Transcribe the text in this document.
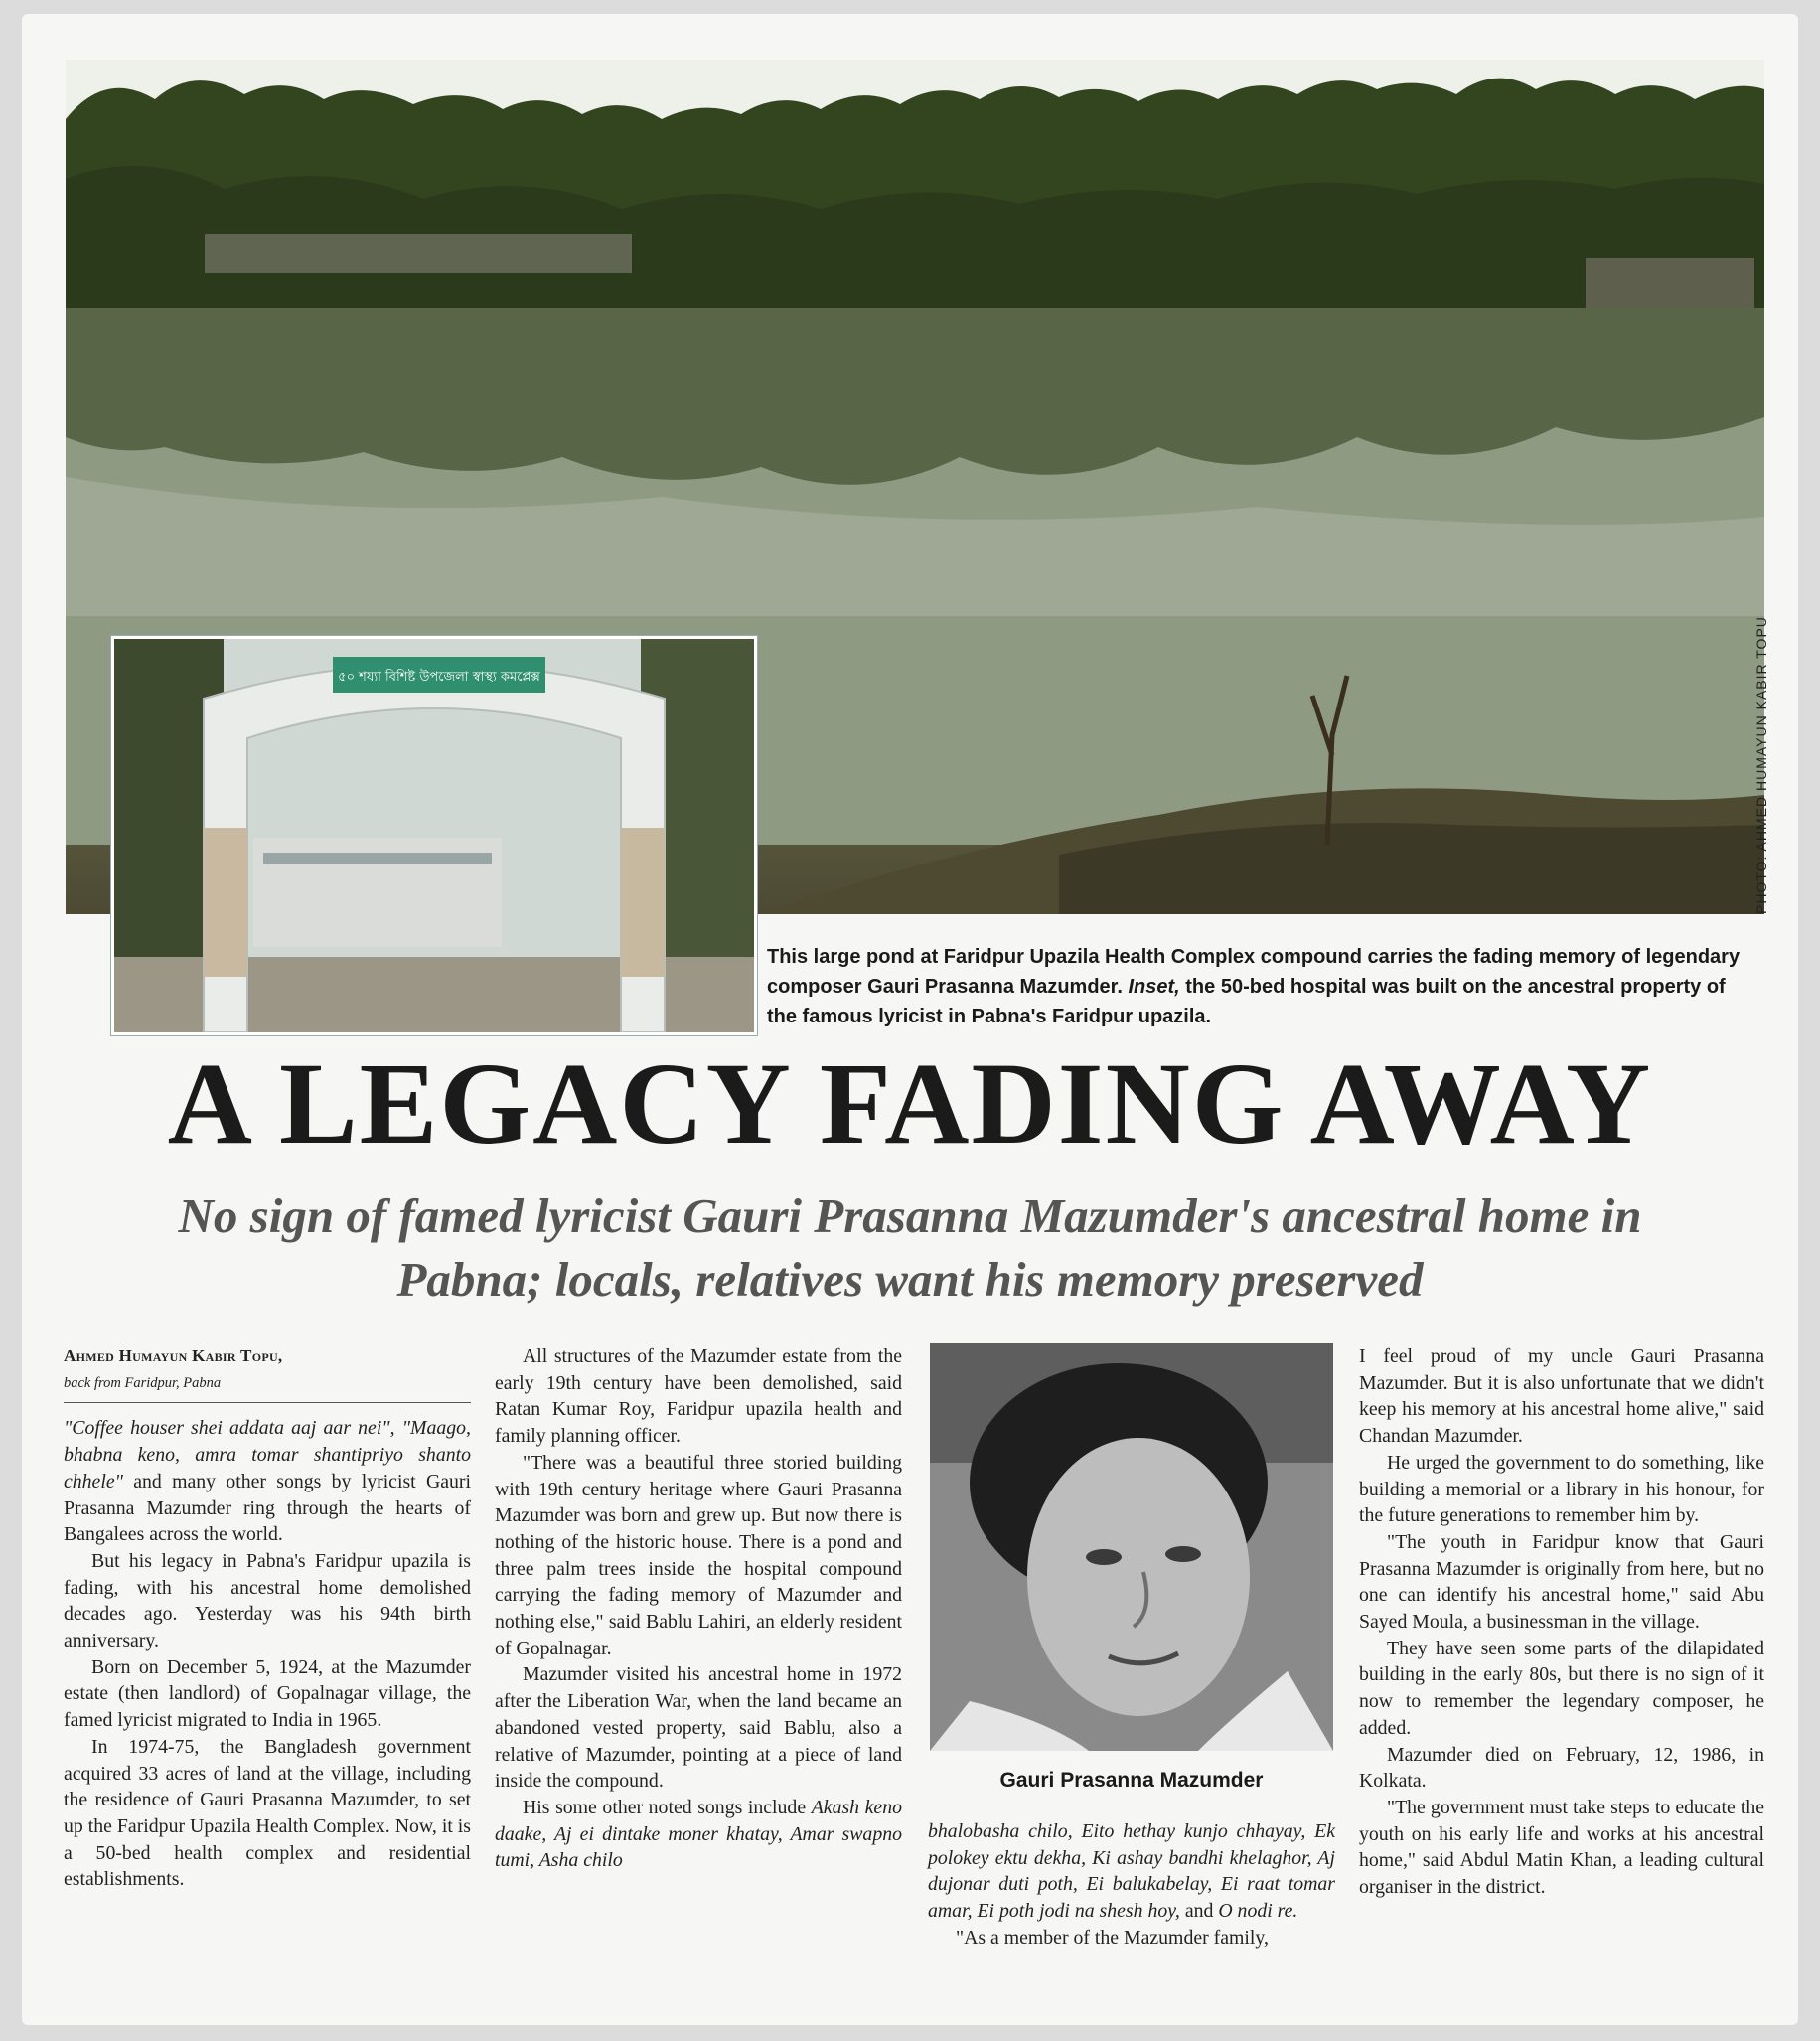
৫০ শয্যা বিশিষ্ট উপজেলা স্বাস্থ্য কমপ্লেক্স	PHOTO: AHMED HUMAYUN KABIR TOPU
This large pond at Faridpur Upazila Health Complex compound carries the fading memory of legendary composer Gauri Prasanna Mazumder. Inset, the 50-bed hospital was built on the ancestral property of the famous lyricist in Pabna's Faridpur upazila.
A LEGACY FADING AWAY
No sign of famed lyricist Gauri Prasanna Mazumder's ancestral home in Pabna; locals, relatives want his memory preserved
Ahmed Humayun Kabir Topu,
back from Faridpur, Pabna

"Coffee houser shei addata aaj aar nei", "Maago, bhabna keno, amra tomar shantipriyo shanto chhele" and many other songs by lyricist Gauri Prasanna Mazumder ring through the hearts of Bangalees across the world.

But his legacy in Pabna's Faridpur upazila is fading, with his ancestral home demolished decades ago. Yesterday was his 94th birth anniversary.

Born on December 5, 1924, at the Mazumder estate (then landlord) of Gopalnagar village, the famed lyricist migrated to India in 1965.

In 1974-75, the Bangladesh government acquired 33 acres of land at the village, including the residence of Gauri Prasanna Mazumder, to set up the Faridpur Upazila Health Complex. Now, it is a 50-bed health complex and residential establishments.

All structures of the Mazumder estate from the early 19th century have been demolished, said Ratan Kumar Roy, Faridpur upazila health and family planning officer.

"There was a beautiful three storied building with 19th century heritage where Gauri Prasanna Mazumder was born and grew up. But now there is nothing of the historic house. There is a pond and three palm trees inside the hospital compound carrying the fading memory of Mazumder and nothing else," said Bablu Lahiri, an elderly resident of Gopalnagar.

Mazumder visited his ancestral home in 1972 after the Liberation War, when the land became an abandoned vested property, said Bablu, also a relative of Mazumder, pointing at a piece of land inside the compound.

His some other noted songs include Akash keno daake, Aj ei dintake moner khatay, Amar swapno tumi, Asha chilo

Gauri Prasanna Mazumder

bhalobasha chilo, Eito hethay kunjo chhayay, Ek polokey ektu dekha, Ki ashay bandhi khelaghor, Aj dujonar duti poth, Ei balukabelay, Ei raat tomar amar, Ei poth jodi na shesh hoy, and O nodi re.

"As a member of the Mazumder family,

I feel proud of my uncle Gauri Prasanna Mazumder. But it is also unfortunate that we didn't keep his memory at his ancestral home alive," said Chandan Mazumder.

He urged the government to do something, like building a memorial or a library in his honour, for the future generations to remember him by.

"The youth in Faridpur know that Gauri Prasanna Mazumder is originally from here, but no one can identify his ancestral home," said Abu Sayed Moula, a businessman in the village.

They have seen some parts of the dilapidated building in the early 80s, but there is no sign of it now to remember the legendary composer, he added.

Mazumder died on February, 12, 1986, in Kolkata.

"The government must take steps to educate the youth on his early life and works at his ancestral home," said Abdul Matin Khan, a leading cultural organiser in the district.
